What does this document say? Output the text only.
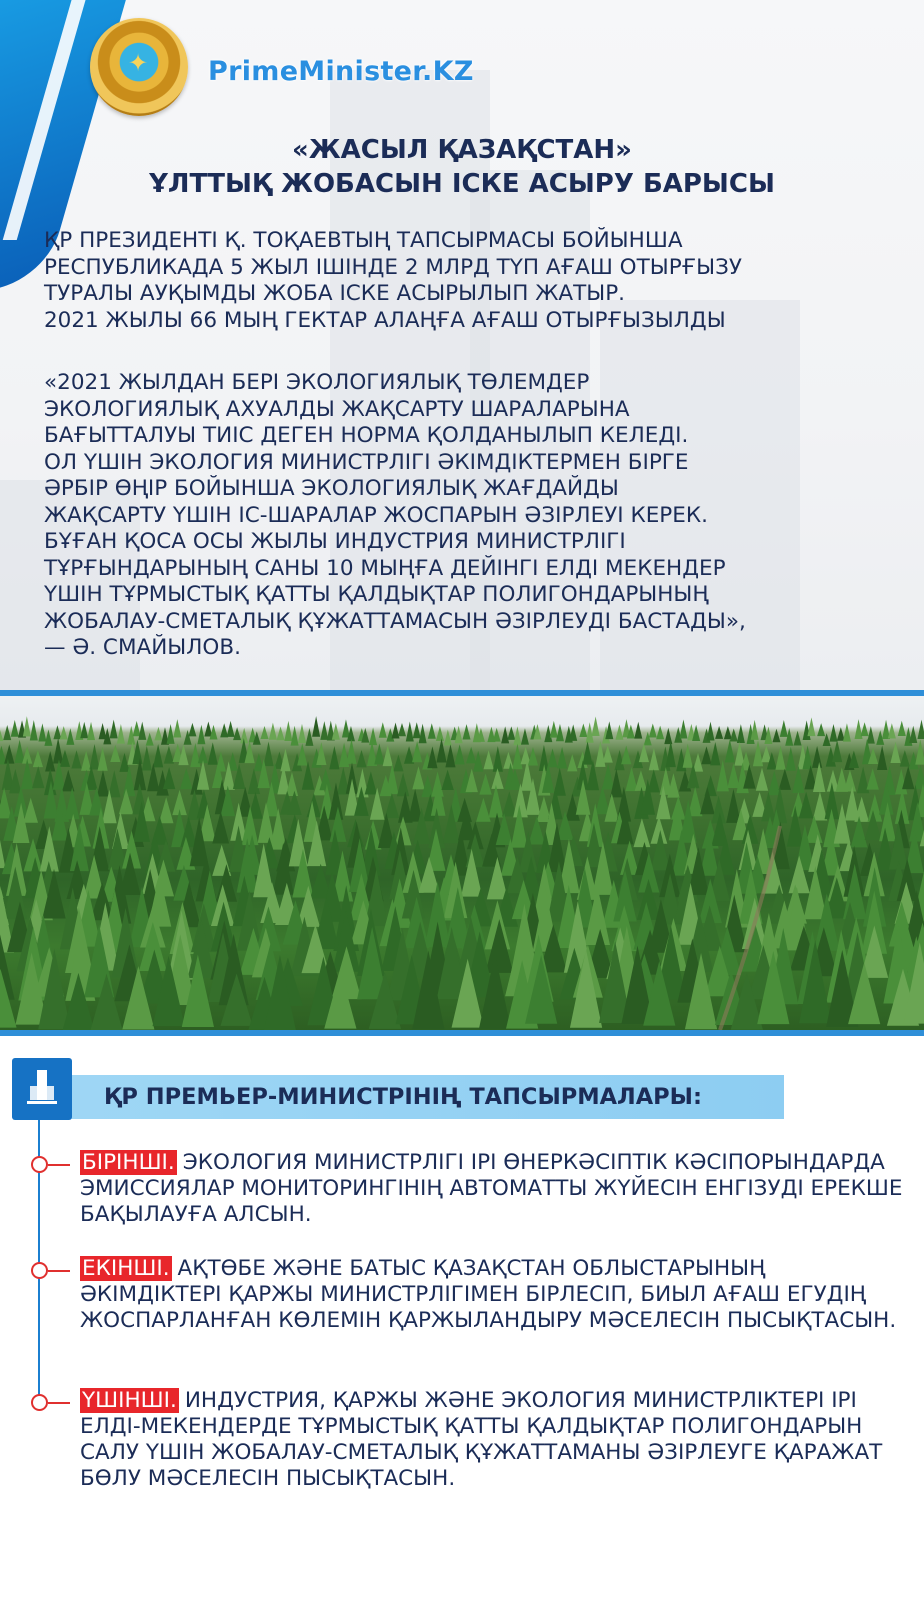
✦ PrimeMinister.KZ
«ЖАСЫЛ ҚАЗАҚСТАН»
ҰЛТТЫҚ ЖОБАСЫН ІСКЕ АСЫРУ БАРЫСЫ

ҚР ПРЕЗИДЕНТІ Қ. ТОҚАЕВТЫҢ ТАПСЫРМАСЫ БОЙЫНША
РЕСПУБЛИКАДА 5 ЖЫЛ ІШІНДЕ 2 МЛРД ТҮП АҒАШ ОТЫРҒЫЗУ
ТУРАЛЫ АУҚЫМДЫ ЖОБА ІСКЕ АСЫРЫЛЫП ЖАТЫР.
2021 ЖЫЛЫ 66 МЫҢ ГЕКТАР АЛАҢҒА АҒАШ ОТЫРҒЫЗЫЛДЫ

«2021 ЖЫЛДАН БЕРІ ЭКОЛОГИЯЛЫҚ ТӨЛЕМДЕР
ЭКОЛОГИЯЛЫҚ АХУАЛДЫ ЖАҚСАРТУ ШАРАЛАРЫНА
БАҒЫТТАЛУЫ ТИІС ДЕГЕН НОРМА ҚОЛДАНЫЛЫП КЕЛЕДІ.
ОЛ ҮШІН ЭКОЛОГИЯ МИНИСТРЛІГІ ӘКІМДІКТЕРМЕН БІРГЕ
ӘРБІР ӨҢІР БОЙЫНША ЭКОЛОГИЯЛЫҚ ЖАҒДАЙДЫ
ЖАҚСАРТУ ҮШІН ІС-ШАРАЛАР ЖОСПАРЫН ӘЗІРЛЕУІ КЕРЕК.
БҰҒАН ҚОСА ОСЫ ЖЫЛЫ ИНДУСТРИЯ МИНИСТРЛІГІ
ТҰРҒЫНДАРЫНЫҢ САНЫ 10 МЫҢҒА ДЕЙІНГІ ЕЛДІ МЕКЕНДЕР
ҮШІН ТҰРМЫСТЫҚ ҚАТТЫ ҚАЛДЫҚТАР ПОЛИГОНДАРЫНЫҢ
ЖОБАЛАУ-СМЕТАЛЫҚ ҚҰЖАТТАМАСЫН ӘЗІРЛЕУДІ БАСТАДЫ»,
— Ә. СМАЙЫЛОВ.

ҚР ПРЕМЬЕР-МИНИСТРІНІҢ ТАПСЫРМАЛАРЫ:

БІРІНШІ. ЭКОЛОГИЯ МИНИСТРЛІГІ ІРІ ӨНЕРКӘСІПТІК КӘСІПОРЫНДАРДА ЭМИССИЯЛАР МОНИТОРИНГІНІҢ АВТОМАТТЫ ЖҮЙЕСІН ЕНГІЗУДІ ЕРЕКШЕ БАҚЫЛАУҒА АЛСЫН.

ЕКІНШІ. АҚТӨБЕ ЖӘНЕ БАТЫС ҚАЗАҚСТАН ОБЛЫСТАРЫНЫҢ ӘКІМДІКТЕРІ ҚАРЖЫ МИНИСТРЛІГІМЕН БІРЛЕСІП, БИЫЛ АҒАШ ЕГУДІҢ ЖОСПАРЛАНҒАН КӨЛЕМІН ҚАРЖЫЛАНДЫРУ МӘСЕЛЕСІН ПЫСЫҚТАСЫН.

ҮШІНШІ. ИНДУСТРИЯ, ҚАРЖЫ ЖӘНЕ ЭКОЛОГИЯ МИНИСТРЛІКТЕРІ ІРІ ЕЛДІ-МЕКЕНДЕРДЕ ТҰРМЫСТЫҚ ҚАТТЫ ҚАЛДЫҚТАР ПОЛИГОНДАРЫН САЛУ ҮШІН ЖОБАЛАУ-СМЕТАЛЫҚ ҚҰЖАТТАМАНЫ ӘЗІРЛЕУГЕ ҚАРАЖАТ БӨЛУ МӘСЕЛЕСІН ПЫСЫҚТАСЫН.
